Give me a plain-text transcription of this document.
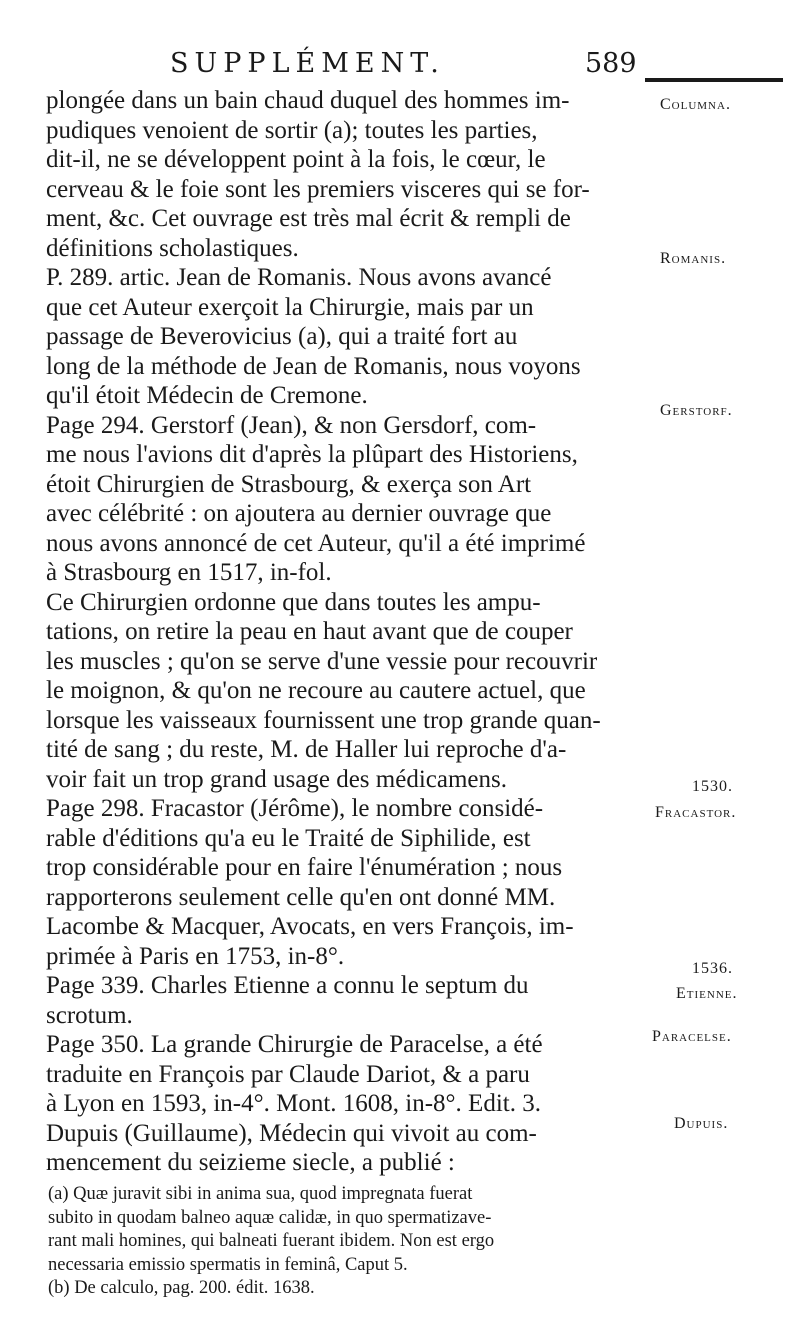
SUPPLÉMENT.	589
plongée dans un bain chaud duquel des hommes im-
pudiques venoient de sortir (a); toutes les parties,
dit-il, ne se développent point à la fois, le cœur, le
cerveau & le foie sont les premiers visceres qui se for-
ment, &c. Cet ouvrage est très mal écrit & rempli de
définitions scholastiques.
P. 289. artic. Jean de Romanis. Nous avons avancé
que cet Auteur exerçoit la Chirurgie, mais par un
passage de Beverovicius (a), qui a traité fort au
long de la méthode de Jean de Romanis, nous voyons
qu'il étoit Médecin de Cremone.
Page 294. Gerstorf (Jean), & non Gersdorf, com-
me nous l'avions dit d'après la plûpart des Historiens,
étoit Chirurgien de Strasbourg, & exerça son Art
avec célébrité : on ajoutera au dernier ouvrage que
nous avons annoncé de cet Auteur, qu'il a été imprimé
à Strasbourg en 1517, in-fol.
Ce Chirurgien ordonne que dans toutes les ampu-
tations, on retire la peau en haut avant que de couper
les muscles ; qu'on se serve d'une vessie pour recouvrir
le moignon, & qu'on ne recoure au cautere actuel, que
lorsque les vaisseaux fournissent une trop grande quan-
tité de sang ; du reste, M. de Haller lui reproche d'a-
voir fait un trop grand usage des médicamens.
Page 298. Fracastor (Jérôme), le nombre considé-
rable d'éditions qu'a eu le Traité de Siphilide, est
trop considérable pour en faire l'énumération ; nous
rapporterons seulement celle qu'en ont donné MM.
Lacombe & Macquer, Avocats, en vers François, im-
primée à Paris en 1753, in-8°.
Page 339. Charles Etienne a connu le septum du
scrotum.
Page 350. La grande Chirurgie de Paracelse, a été
traduite en François par Claude Dariot, & a paru
à Lyon en 1593, in-4°. Mont. 1608, in-8°. Edit. 3.
Dupuis (Guillaume), Médecin qui vivoit au com-
mencement du seizieme siecle, a publié :
Columna.
Romanis.
Gerstorf.
1530.
Fracastor.
1536.
Etienne.
Paracelse.
Dupuis.
(a) Quæ juravit sibi in anima sua, quod impregnata fuerat
subito in quodam balneo aquæ calidæ, in quo spermatizave-
rant mali homines, qui balneati fuerant ibidem. Non est ergo
necessaria emissio spermatis in feminâ, Caput 5.
(b) De calculo, pag. 200. édit. 1638.
